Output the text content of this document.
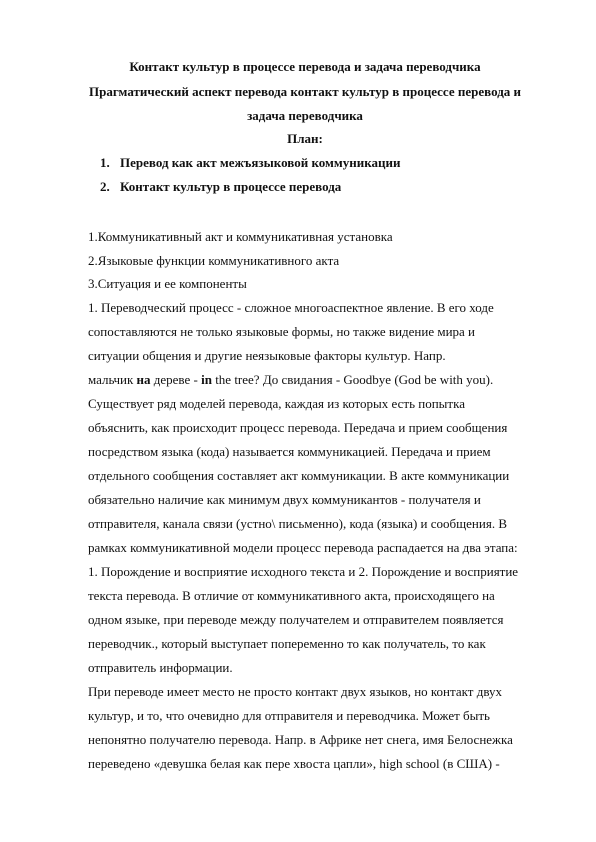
Контакт культур в процессе перевода и задача переводчика
Прагматический аспект перевода контакт культур в процессе перевода и
задача переводчика
План:
1. Перевод как акт межъязыковой коммуникации
2. Контакт культур в процессе перевода
1.Коммуникативный акт и коммуникативная установка
2.Языковые функции коммуникативного акта
3.Ситуация и ее компоненты
1. Переводческий процесс - сложное многоаспектное явление. В его ходе
сопоставляются не только языковые формы, но также видение мира и
ситуации общения и другие неязыковые факторы культур. Напр.
мальчик на дереве - in the tree? До свидания - Goodbye (God be with you).
Существует ряд моделей перевода, каждая из которых есть попытка
объяснить, как происходит процесс перевода. Передача и прием сообщения
посредством языка (кода) называется коммуникацией. Передача и прием
отдельного сообщения составляет акт коммуникации. В акте коммуникации
обязательно наличие как минимум двух коммуникантов - получателя и
отправителя, канала связи (устно\ письменно), кода (языка) и сообщения. В
рамках коммуникативной модели процесс перевода распадается на два этапа:
1. Порождение и восприятие исходного текста и 2. Порождение и восприятие
текста перевода. В отличие от коммуникативного акта, происходящего на
одном языке, при переводе между получателем и отправителем появляется
переводчик., который выступает попеременно то как получатель, то как
отправитель информации.
При переводе имеет место не просто контакт двух языков, но контакт двух
культур, и то, что очевидно для отправителя и переводчика. Может быть
непонятно получателю перевода. Напр. в Африке нет снега, имя Белоснежка
переведено «девушка белая как пере хвоста цапли», high school (в США) -
